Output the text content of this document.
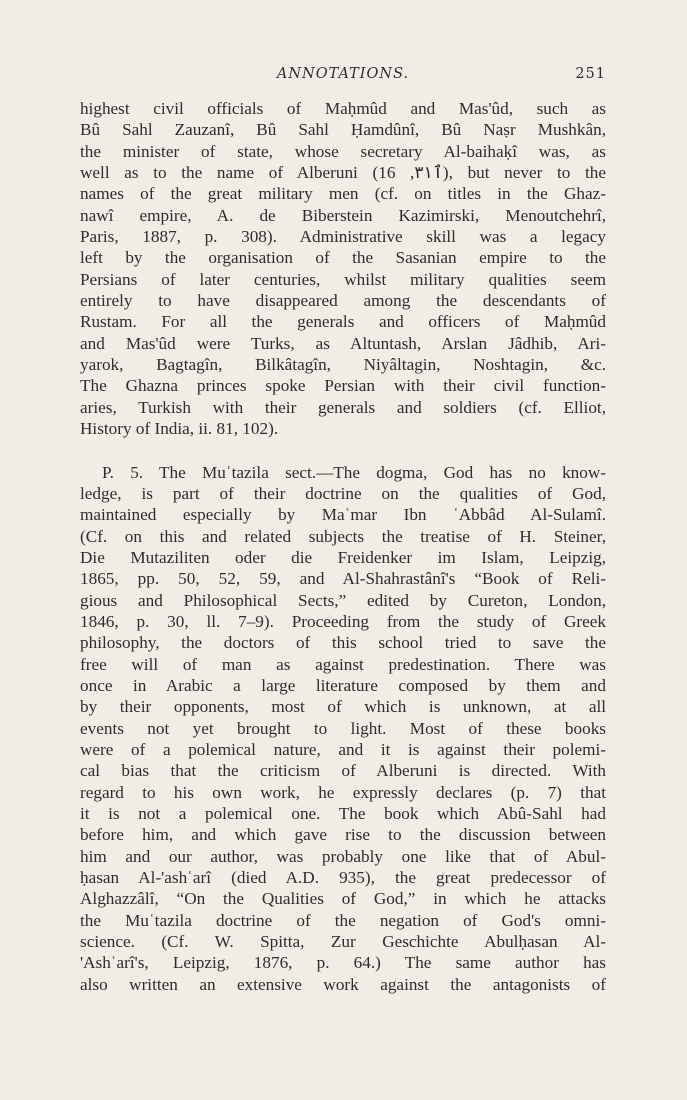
ANNOTATIONS.	251
highest civil officials of Maḥmûd and Mas'ûd, such as
Bû Sahl Zauzanî, Bû Sahl Ḥamdûnî, Bû Naṣr Mushkân,
the minister of state, whose secretary Al-baihaḳî was, as
well as to the name of Alberuni (ٱ٣١, 16), but never to the
names of the great military men (cf. on titles in the Ghaz-
nawî empire, A. de Biberstein Kazimirski, Menoutchehrî,
Paris, 1887, p. 308). Administrative skill was a legacy
left by the organisation of the Sasanian empire to the
Persians of later centuries, whilst military qualities seem
entirely to have disappeared among the descendants of
Rustam. For all the generals and officers of Maḥmûd
and Mas'ûd were Turks, as Altuntash, Arslan Jâdhib, Ari-
yarok, Bagtagîn, Bilkâtagîn, Niyâltagin, Noshtagin, &c.
The Ghazna princes spoke Persian with their civil function-
aries, Turkish with their generals and soldiers (cf. Elliot,
History of India, ii. 81, 102).
P. 5. The Muʿtazila sect.—The dogma, God has no know-
ledge, is part of their doctrine on the qualities of God,
maintained especially by Maʿmar Ibn ʿAbbâd Al-Sulamî.
(Cf. on this and related subjects the treatise of H. Steiner,
Die Mutaziliten oder die Freidenker im Islam, Leipzig,
1865, pp. 50, 52, 59, and Al-Shahrastânî's “Book of Reli-
gious and Philosophical Sects,” edited by Cureton, London,
1846, p. 30, ll. 7–9). Proceeding from the study of Greek
philosophy, the doctors of this school tried to save the
free will of man as against predestination. There was
once in Arabic a large literature composed by them and
by their opponents, most of which is unknown, at all
events not yet brought to light. Most of these books
were of a polemical nature, and it is against their polemi-
cal bias that the criticism of Alberuni is directed. With
regard to his own work, he expressly declares (p. 7) that
it is not a polemical one. The book which Abû-Sahl had
before him, and which gave rise to the discussion between
him and our author, was probably one like that of Abul-
ḥasan Al-'ashʿarî (died A.D. 935), the great predecessor of
Alghazzâlî, “On the Qualities of God,” in which he attacks
the Muʿtazila doctrine of the negation of God's omni-
science. (Cf. W. Spitta, Zur Geschichte Abulḥasan Al-
'Ashʿarî's, Leipzig, 1876, p. 64.) The same author has
also written an extensive work against the antagonists of
